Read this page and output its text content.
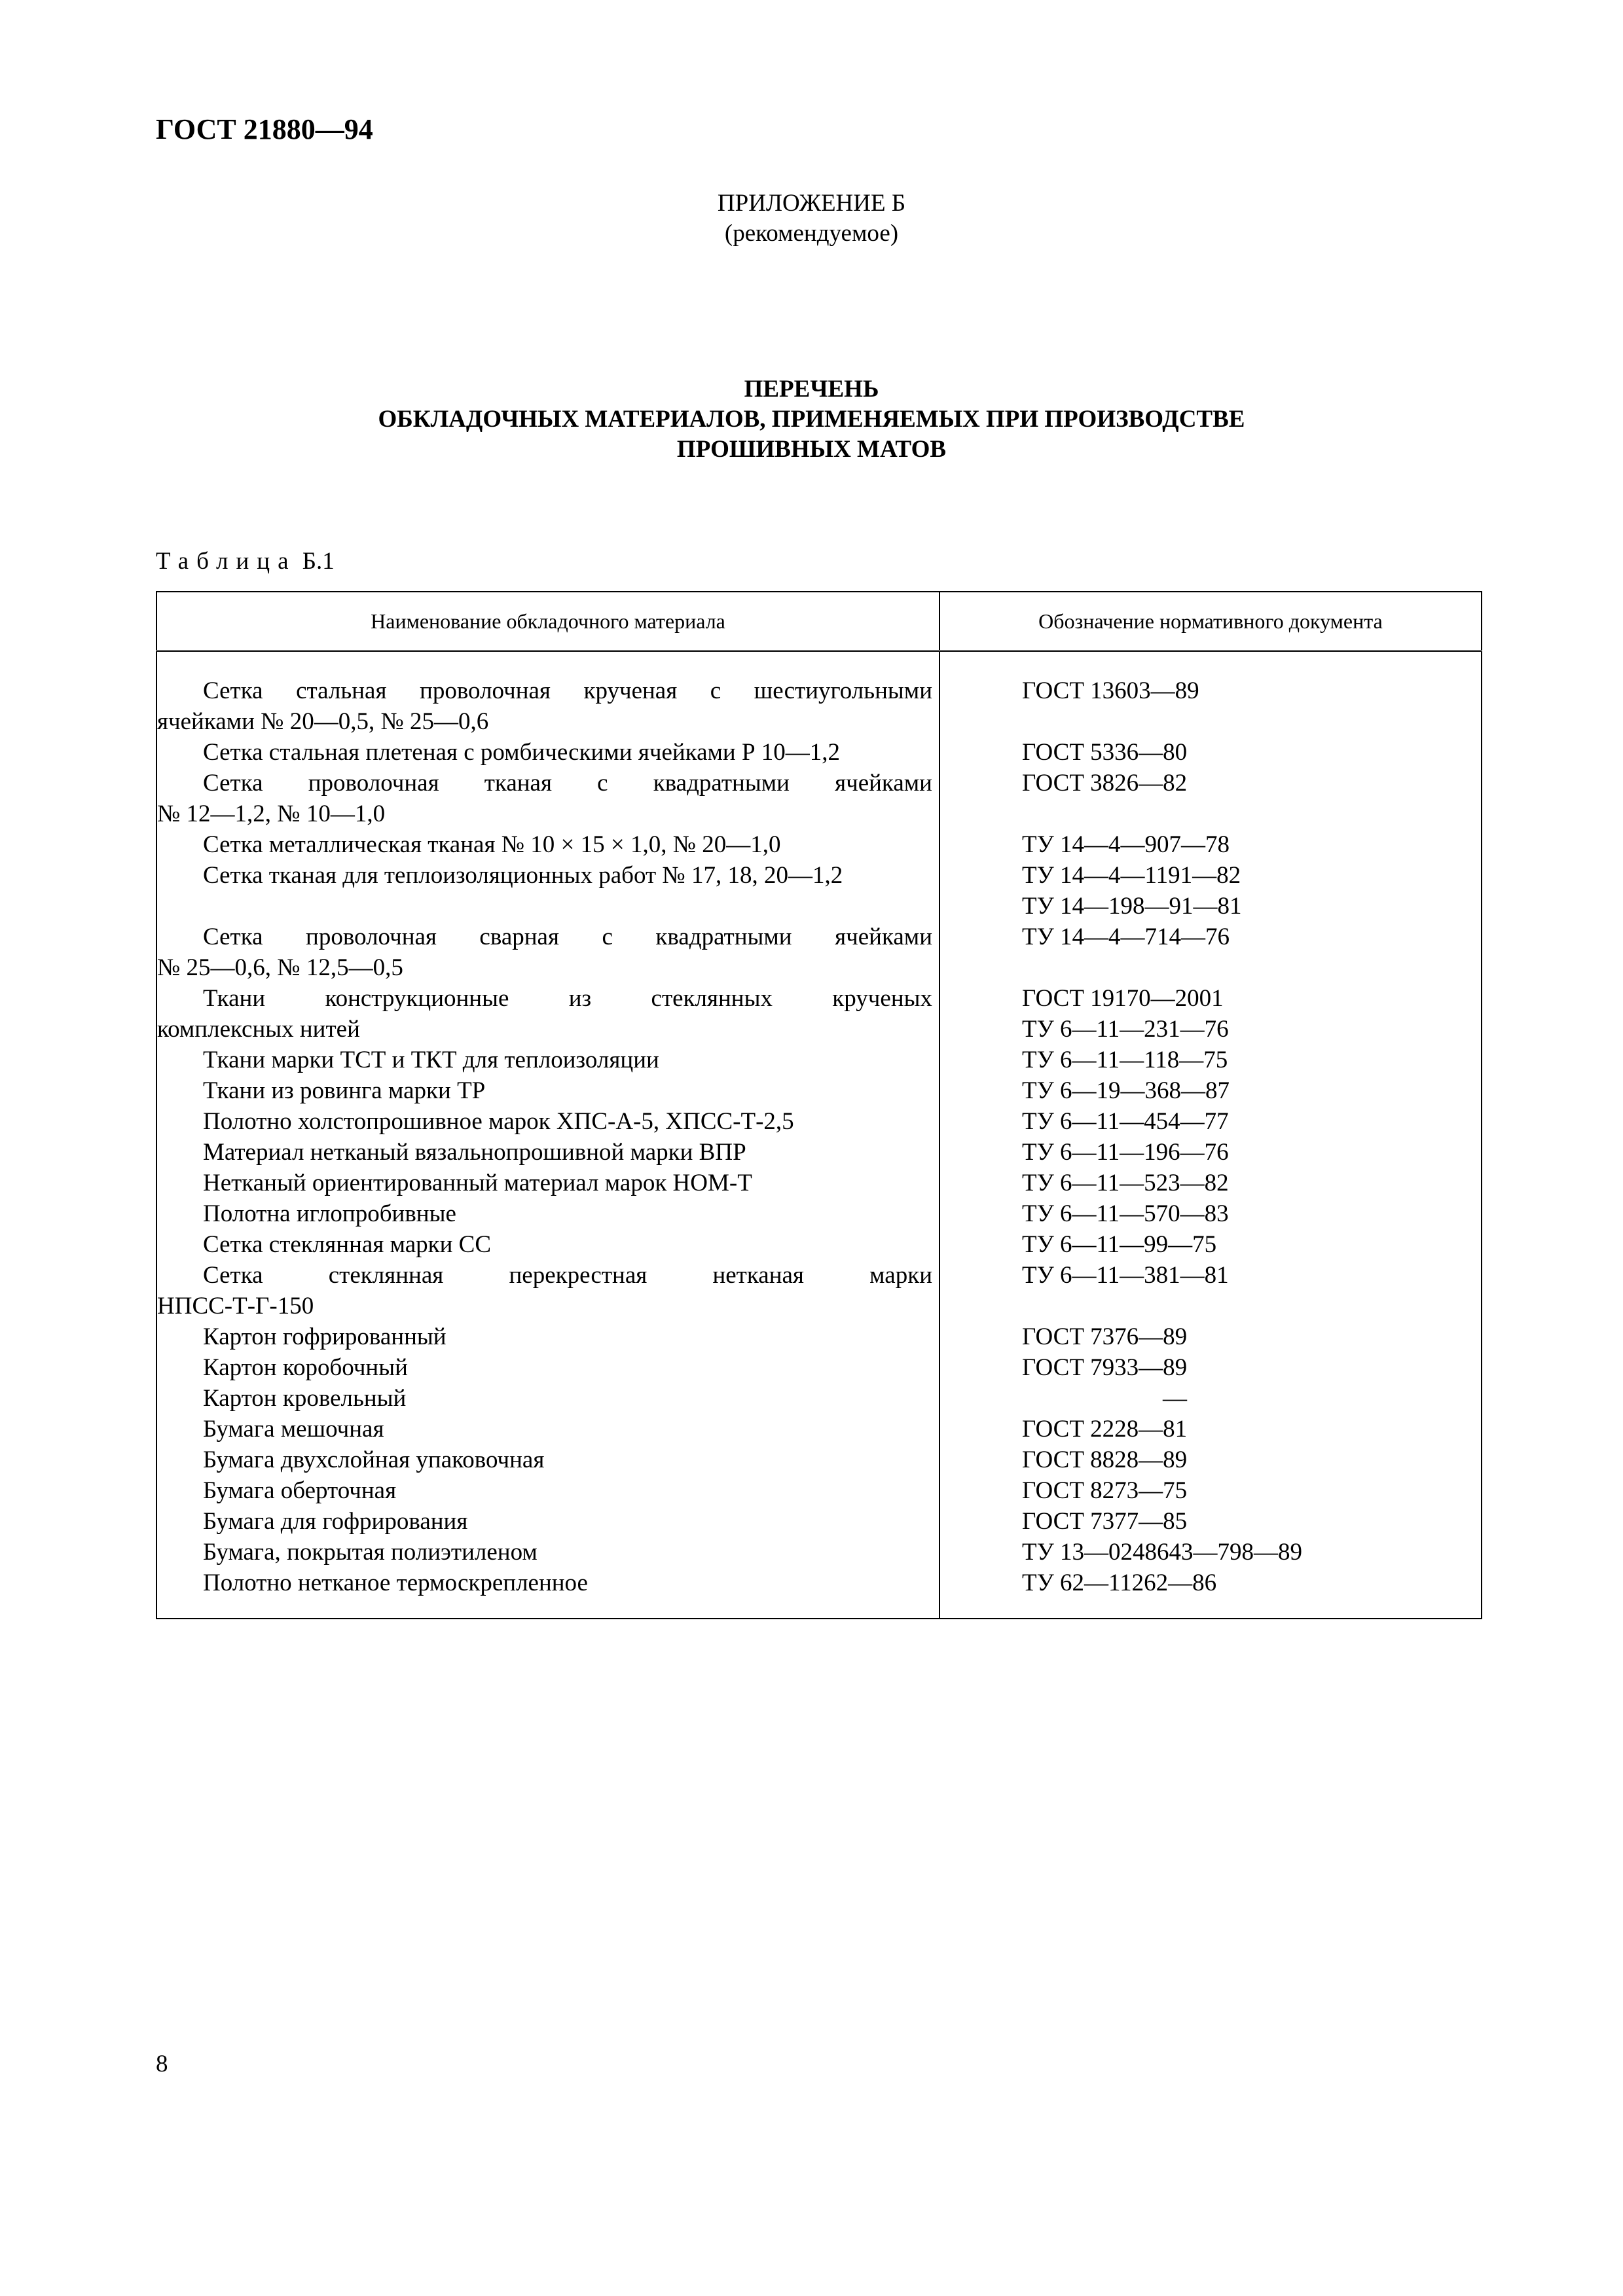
ГОСТ 21880—94
ПРИЛОЖЕНИЕ Б
(рекомендуемое)
ПЕРЕЧЕНЬ
ОБКЛАДОЧНЫХ МАТЕРИАЛОВ, ПРИМЕНЯЕМЫХ ПРИ ПРОИЗВОДСТВЕ
ПРОШИВНЫХ МАТОВ
Таблица Б.1
Наименование обкладочного материала	Обозначение нормативного документа

Сетка стальная проволочная крученая с шестиугольными
ячейками № 20—0,5, № 25—0,6	ГОСТ 13603—89

Сетка стальная плетеная с ромбическими ячейками Р 10—1,2	ГОСТ 5336—80

Сетка проволочная тканая с квадратными ячейками
№ 12—1,2, № 10—1,0	ГОСТ 3826—82

Сетка металлическая тканая № 10 × 15 × 1,0, № 20—1,0	ТУ 14—4—907—78

Сетка тканая для теплоизоляционных работ № 17, 18, 20—1,2	ТУ 14—4—1191—82
ТУ 14—198—91—81

Сетка проволочная сварная с квадратными ячейками
№ 25—0,6, № 12,5—0,5	ТУ 14—4—714—76

Ткани конструкционные из стеклянных крученых
комплексных нитей	ГОСТ 19170—2001
ТУ 6—11—231—76

Ткани марки ТСТ и ТКТ для теплоизоляции	ТУ 6—11—118—75

Ткани из ровинга марки ТР	ТУ 6—19—368—87

Полотно холстопрошивное марок ХПС-А-5, ХПСС-Т-2,5	ТУ 6—11—454—77

Материал нетканый вязальнопрошивной марки ВПР	ТУ 6—11—196—76

Нетканый ориентированный материал марок НОМ-Т	ТУ 6—11—523—82

Полотна иглопробивные	ТУ 6—11—570—83

Сетка стеклянная марки СС	ТУ 6—11—99—75

Сетка стеклянная перекрестная нетканая марки
НПСС-Т-Г-150	ТУ 6—11—381—81

Картон гофрированный	ГОСТ 7376—89

Картон коробочный	ГОСТ 7933—89

Картон кровельный	—

Бумага мешочная	ГОСТ 2228—81

Бумага двухслойная упаковочная	ГОСТ 8828—89

Бумага оберточная	ГОСТ 8273—75

Бумага для гофрирования	ГОСТ 7377—85

Бумага, покрытая полиэтиленом	ТУ 13—0248643—798—89

Полотно нетканое термоскрепленное	ТУ 62—11262—86
8
